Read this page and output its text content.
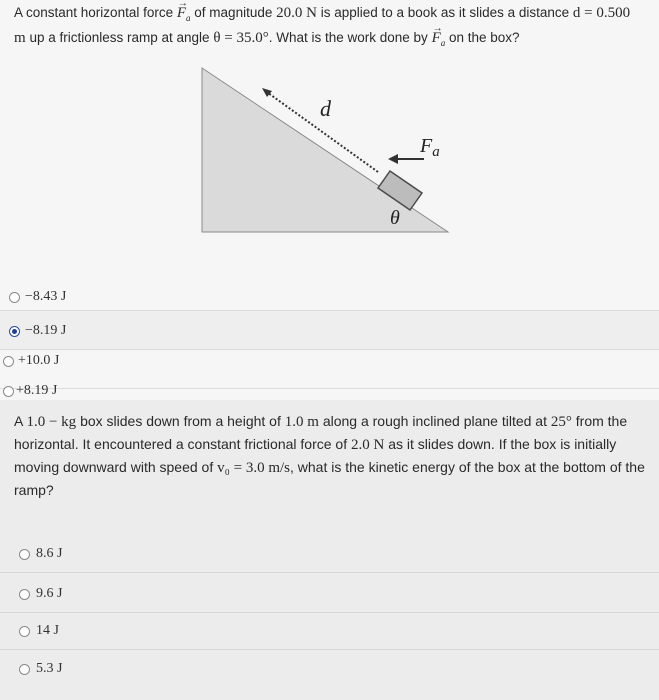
A constant horizontal force → $F_a$ of magnitude 20.0 N is applied to a book as it slides a distance d = 0.500 m up a frictionless ramp at angle θ = 35.0°. What is the work done by → $F_a$ on the box?
d
$F_a$
θ
−8.43 J
−8.19 J
+10.0 J
+8.19 J
A 1.0 − kg box slides down from a height of 1.0 m along a rough inclined plane tilted at 25° from the horizontal. It encountered a constant frictional force of 2.0 N as it slides down. If the box is initially moving downward with speed of v₀ = 3.0 m/s, what is the kinetic energy of the box at the bottom of the ramp?
8.6 J
9.6 J
14 J
5.3 J
